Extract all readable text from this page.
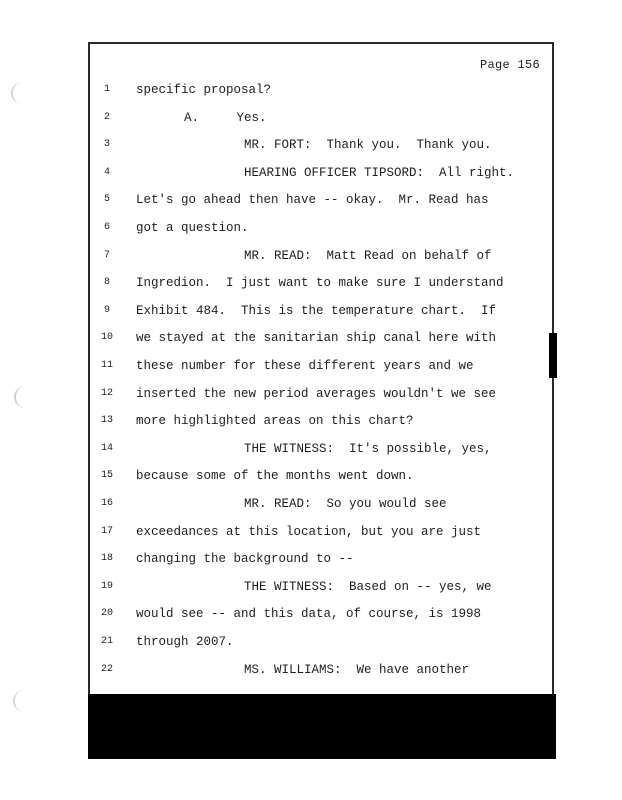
Page 156
1	specific proposal?
2	A.     Yes.
3	MR. FORT:  Thank you.  Thank you.
4	HEARING OFFICER TIPSORD:  All right.
5	Let's go ahead then have -- okay.  Mr. Read has
6	got a question.
7	MR. READ:  Matt Read on behalf of
8	Ingredion.  I just want to make sure I understand
9	Exhibit 484.  This is the temperature chart.  If
10 we stayed at the sanitarian ship canal here with
11 these number for these different years and we
12 inserted the new period averages wouldn't we see
13 more highlighted areas on this chart?
14	THE WITNESS:  It's possible, yes,
15 because some of the months went down.
16	MR. READ:  So you would see
17 exceedances at this location, but you are just
18 changing the background to --
19	THE WITNESS:  Based on -- yes, we
20 would see -- and this data, of course, is 1998
21 through 2007.
22	MS. WILLIAMS:  We have another
